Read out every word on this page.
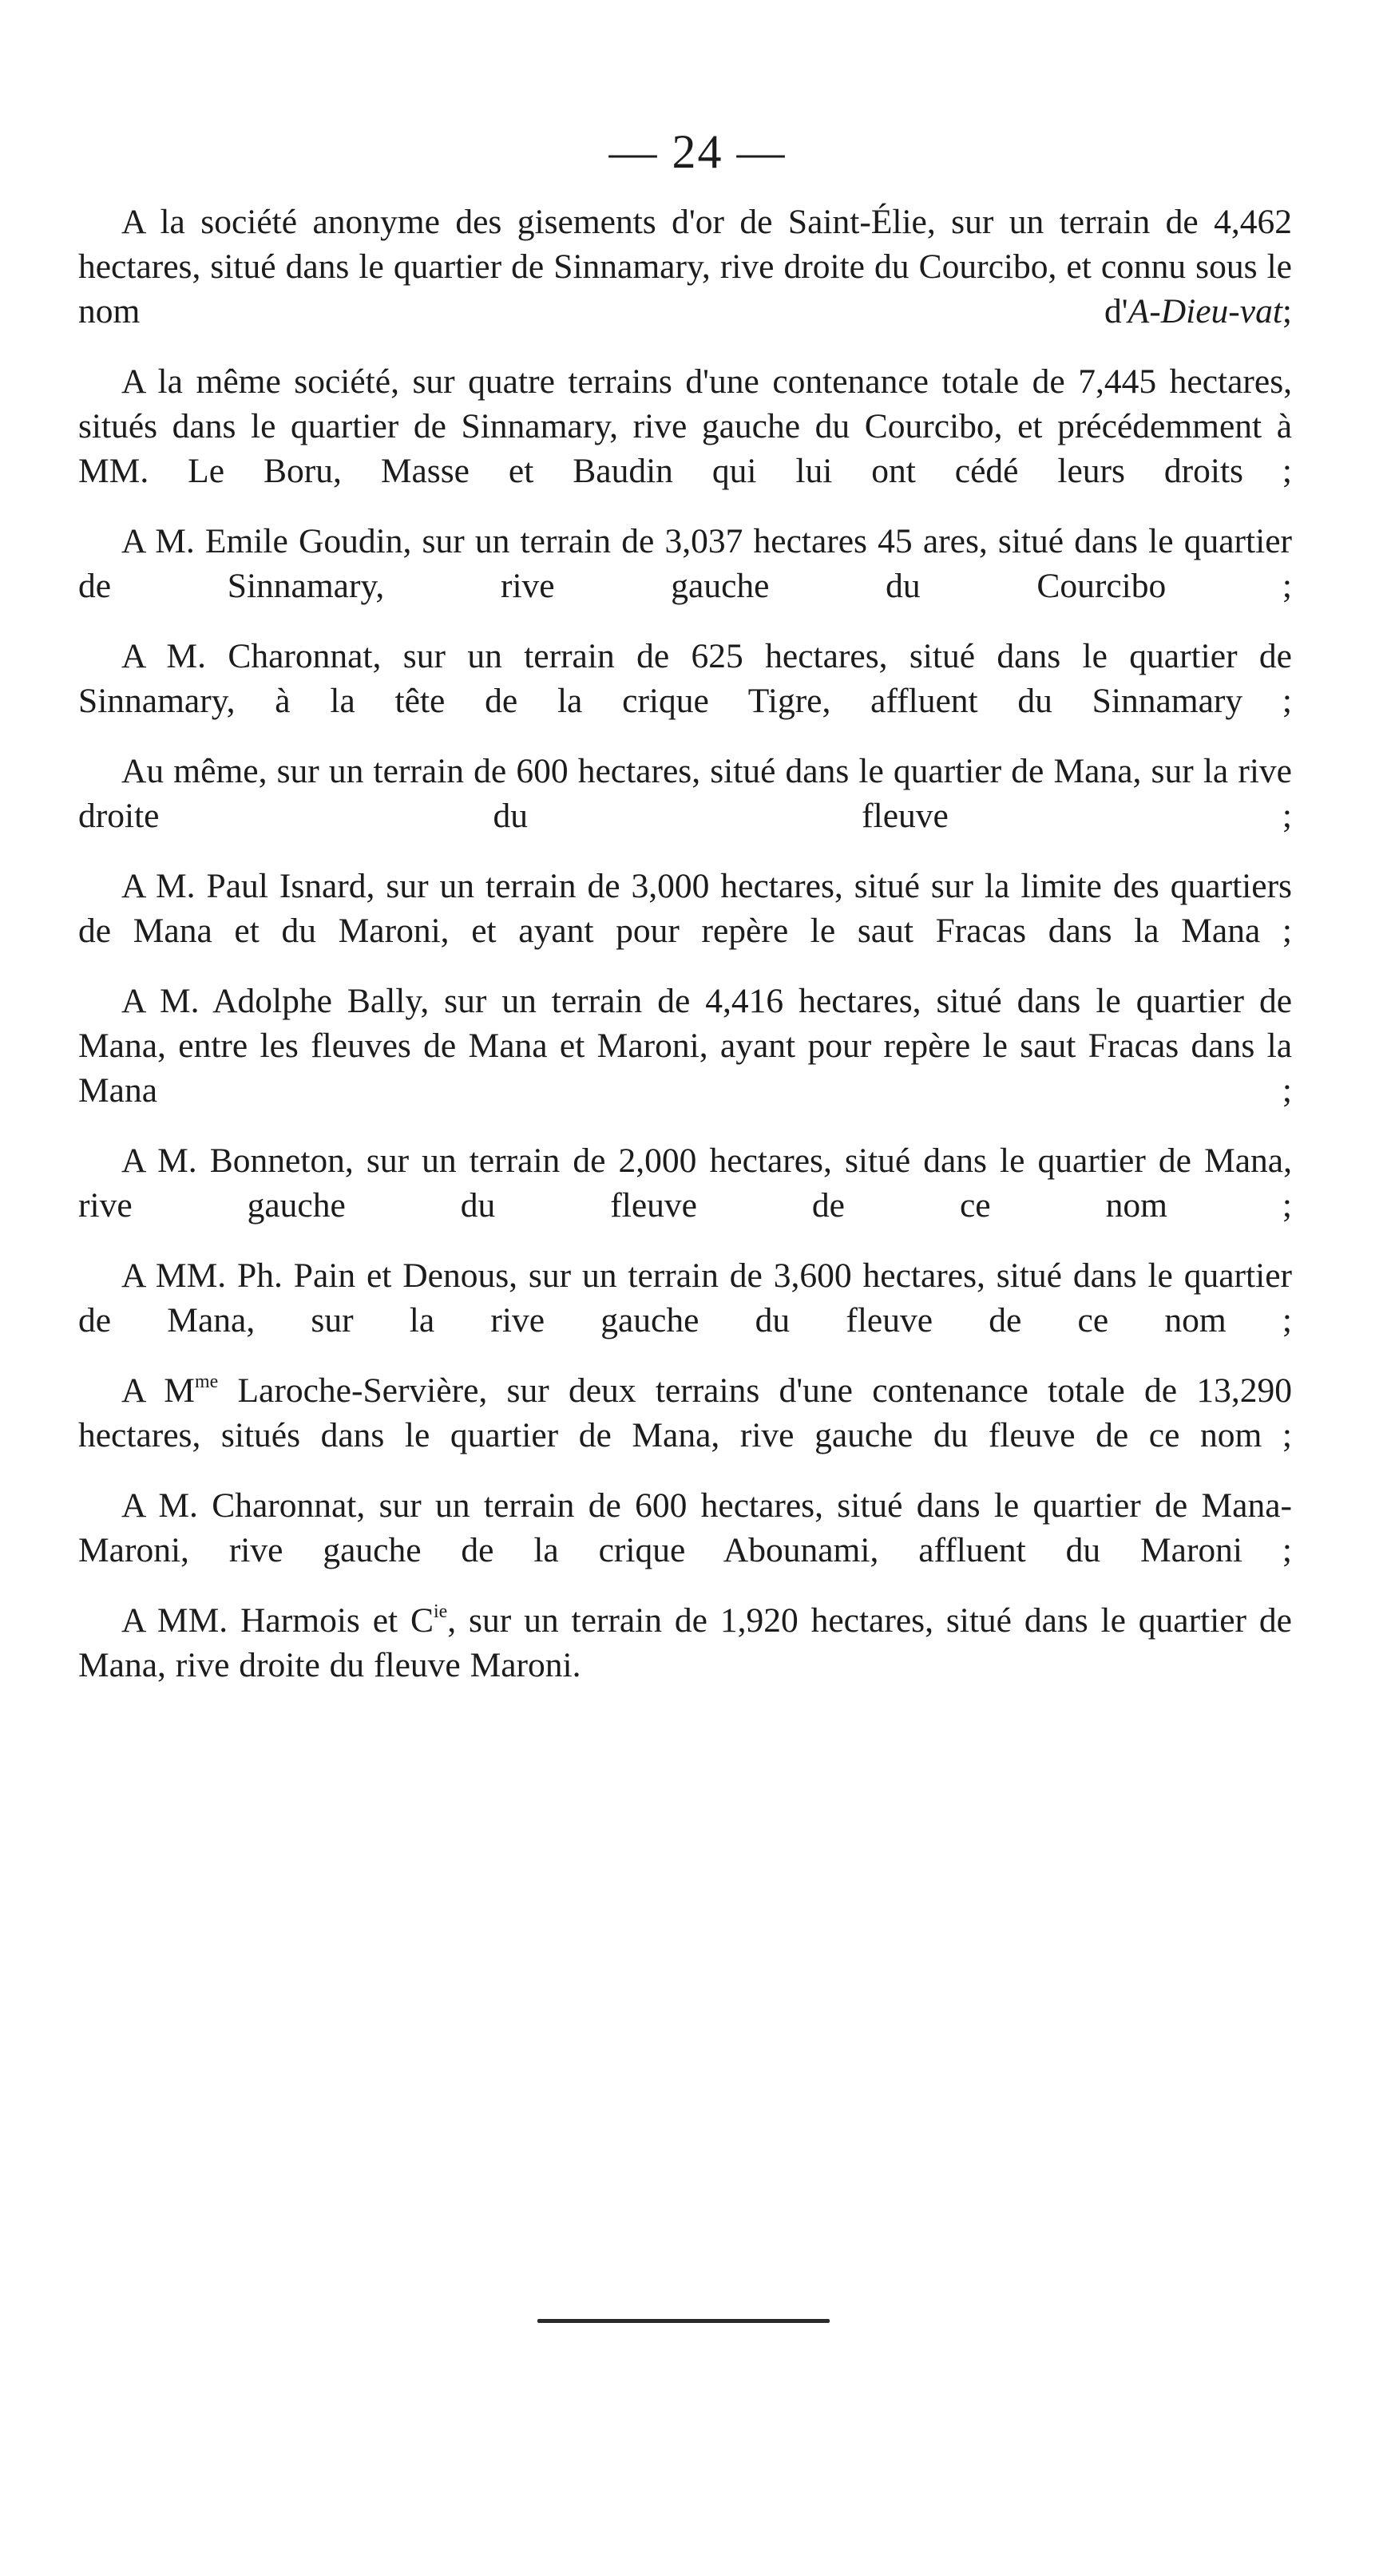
— 24 —

A la société anonyme des gisements d'or de Saint-Élie, sur un terrain de 4,462 hectares, situé dans le quartier de Sinnamary, rive droite du Courcibo, et connu sous le nom d'A-Dieu-vat;

A la même société, sur quatre terrains d'une contenance totale de 7,445 hectares, situés dans le quartier de Sinnamary, rive gauche du Courcibo, et précédemment à MM. Le Boru, Masse et Baudin qui lui ont cédé leurs droits ;

A M. Emile Goudin, sur un terrain de 3,037 hectares 45 ares, situé dans le quartier de Sinnamary, rive gauche du Courcibo ;

A M. Charonnat, sur un terrain de 625 hectares, situé dans le quartier de Sinnamary, à la tête de la crique Tigre, affluent du Sinnamary ;

Au même, sur un terrain de 600 hectares, situé dans le quartier de Mana, sur la rive droite du fleuve ;

A M. Paul Isnard, sur un terrain de 3,000 hectares, situé sur la limite des quartiers de Mana et du Maroni, et ayant pour repère le saut Fracas dans la Mana ;

A M. Adolphe Bally, sur un terrain de 4,416 hectares, situé dans le quartier de Mana, entre les fleuves de Mana et Maroni, ayant pour repère le saut Fracas dans la Mana ;

A M. Bonneton, sur un terrain de 2,000 hectares, situé dans le quartier de Mana, rive gauche du fleuve de ce nom ;

A MM. Ph. Pain et Denous, sur un terrain de 3,600 hectares, situé dans le quartier de Mana, sur la rive gauche du fleuve de ce nom ;

A $M^{me}$ Laroche-Servière, sur deux terrains d'une contenance totale de 13,290 hectares, situés dans le quartier de Mana, rive gauche du fleuve de ce nom ;

A M. Charonnat, sur un terrain de 600 hectares, situé dans le quartier de Mana-Maroni, rive gauche de la crique Abounami, affluent du Maroni ;

A MM. Harmois et $C^{ie}$, sur un terrain de 1,920 hectares, situé dans le quartier de Mana, rive droite du fleuve Maroni.
